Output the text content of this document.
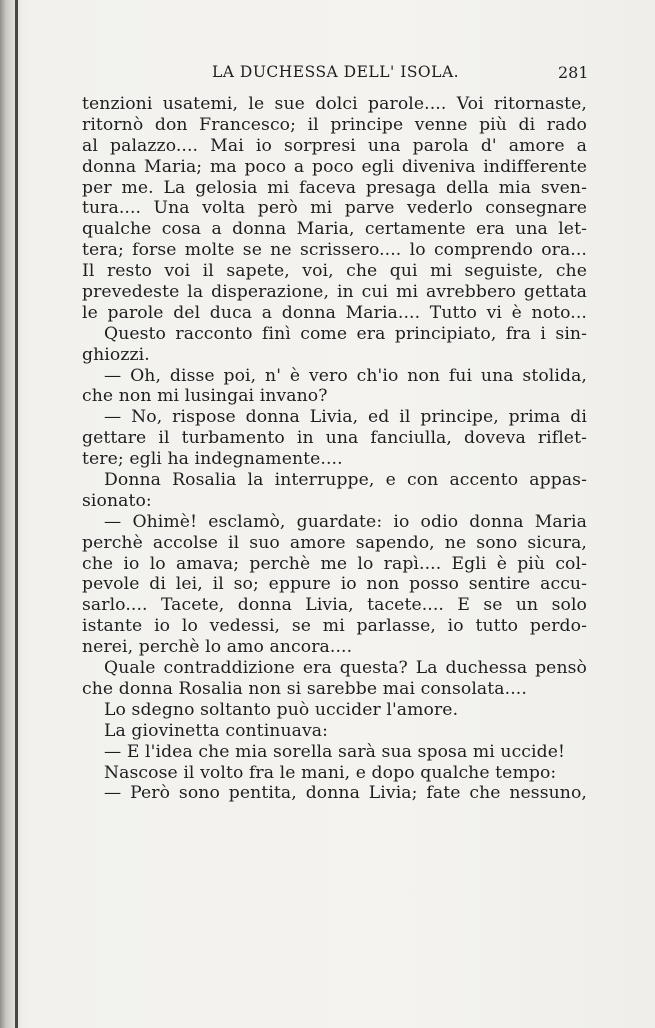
LA DUCHESSA DELL' ISOLA.	281
tenzioni usatemi, le sue dolci parole.... Voi ritornaste,
ritornò don Francesco; il principe venne più di rado
al palazzo.... Mai io sorpresi una parola d' amore a
donna Maria; ma poco a poco egli diveniva indifferente
per me. La gelosia mi faceva presaga della mia sven-
tura.... Una volta però mi parve vederlo consegnare
qualche cosa a donna Maria, certamente era una let-
tera; forse molte se ne scrissero.... lo comprendo ora...
Il resto voi il sapete, voi, che qui mi seguiste, che
prevedeste la disperazione, in cui mi avrebbero gettata
le parole del duca a donna Maria.... Tutto vi è noto...
Questo racconto finì come era principiato, fra i sin-
ghiozzi.
— Oh, disse poi, n' è vero ch'io non fui una stolida,
che non mi lusingai invano?
— No, rispose donna Livia, ed il principe, prima di
gettare il turbamento in una fanciulla, doveva riflet-
tere; egli ha indegnamente....
Donna Rosalia la interruppe, e con accento appas-
sionato:
— Ohimè! esclamò, guardate: io odio donna Maria
perchè accolse il suo amore sapendo, ne sono sicura,
che io lo amava; perchè me lo rapì.... Egli è più col-
pevole di lei, il so; eppure io non posso sentire accu-
sarlo.... Tacete, donna Livia, tacete.... E se un solo
istante io lo vedessi, se mi parlasse, io tutto perdo-
nerei, perchè lo amo ancora....
Quale contraddizione era questa? La duchessa pensò
che donna Rosalia non si sarebbe mai consolata....
Lo sdegno soltanto può uccider l'amore.
La giovinetta continuava:
— E l'idea che mia sorella sarà sua sposa mi uccide!
Nascose il volto fra le mani, e dopo qualche tempo:
— Però sono pentita, donna Livia; fate che nessuno,
